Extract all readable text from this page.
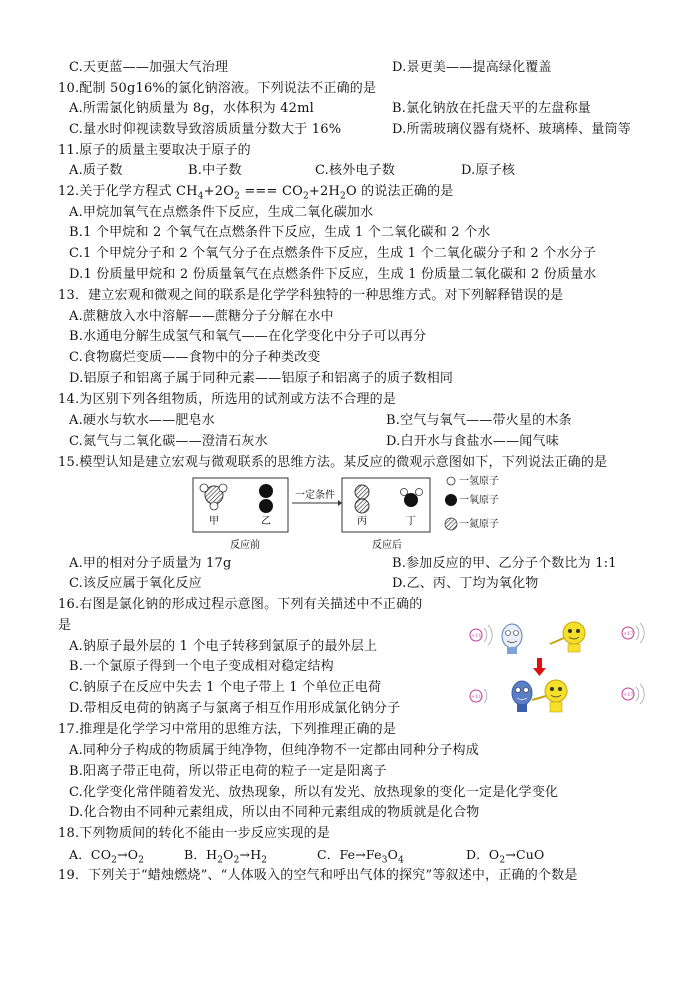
C.天更蓝——加强大气治理	D.景更美——提高绿化覆盖
10.配制 50g16%的氯化钠溶液。下列说法不正确的是
A.所需氯化钠质量为 8g，水体积为 42ml	B.氯化钠放在托盘天平的左盘称量
C.量水时仰视读数导致溶质质量分数大于 16%	D.所需玻璃仪器有烧杯、玻璃棒、量筒等
11.原子的质量主要取决于原子的
A.质子数	B.中子数	C.核外电子数	D.原子核
12.关于化学方程式 $CH_4+2O_2$ === $CO_2+2H_2O$ 的说法正确的是
A.甲烷加氧气在点燃条件下反应，生成二氧化碳加水
B.1 个甲烷和 2 个氧气在点燃条件下反应，生成 1 个二氧化碳和 2 个水
C.1 个甲烷分子和 2 个氧气分子在点燃条件下反应，生成 1 个二氧化碳分子和 2 个水分子
D.1 份质量甲烷和 2 份质量氧气在点燃条件下反应，生成 1 份质量二氧化碳和 2 份质量水
13．建立宏观和微观之间的联系是化学学科独特的一种思维方式。对下列解释错误的是
A.蔗糖放入水中溶解——蔗糖分子分解在水中
B.水通电分解生成氢气和氧气——在化学变化中分子可以再分
C.食物腐烂变质——食物中的分子种类改变
D.铝原子和铝离子属于同种元素——铝原子和铝离子的质子数相同
14.为区别下列各组物质，所选用的试剂或方法不合理的是
A.硬水与软水——肥皂水	B.空气与氧气——带火星的木条
C.氮气与二氧化碳——澄清石灰水	D.白开水与食盐水——闻气味
15.模型认知是建立宏观与微观联系的思维方法。某反应的微观示意图如下，下列说法正确的是
甲	乙
一定条件
丙	丁
反应前	反应后
一氢原子
一氧原子
一氮原子
A.甲的相对分子质量为 17g	B.参加反应的甲、乙分子个数比为 1:1
C.该反应属于氧化反应	D.乙、丙、丁均为氧化物
16.右图是氯化钠的形成过程示意图。下列有关描述中不正确的
是
A.钠原子最外层的 1 个电子转移到氯原子的最外层上
B.一个氯原子得到一个电子变成相对稳定结构
C.钠原子在反应中失去 1 个电子带上 1 个单位正电荷
D.带相反电荷的钠离子与氯离子相互作用形成氯化钠分子
+11	+17
+11	+17
17.推理是化学学习中常用的思维方法，下列推理正确的是
A.同种分子构成的物质属于纯净物，但纯净物不一定都由同种分子构成
B.阳离子带正电荷，所以带正电荷的粒子一定是阳离子
C.化学变化常伴随着发光、放热现象，所以有发光、放热现象的变化一定是化学变化
D.化合物由不同种元素组成，所以由不同种元素组成的物质就是化合物
18.下列物质间的转化不能由一步反应实现的是
A．$CO_2\to O_2$	B．$H_2O_2\to H_2$	C．$Fe\to Fe_3O_4$	D．$O_2\to CuO$
19．下列关于“蜡烛燃烧”、“人体吸入的空气和呼出气体的探究”等叙述中，正确的个数是
